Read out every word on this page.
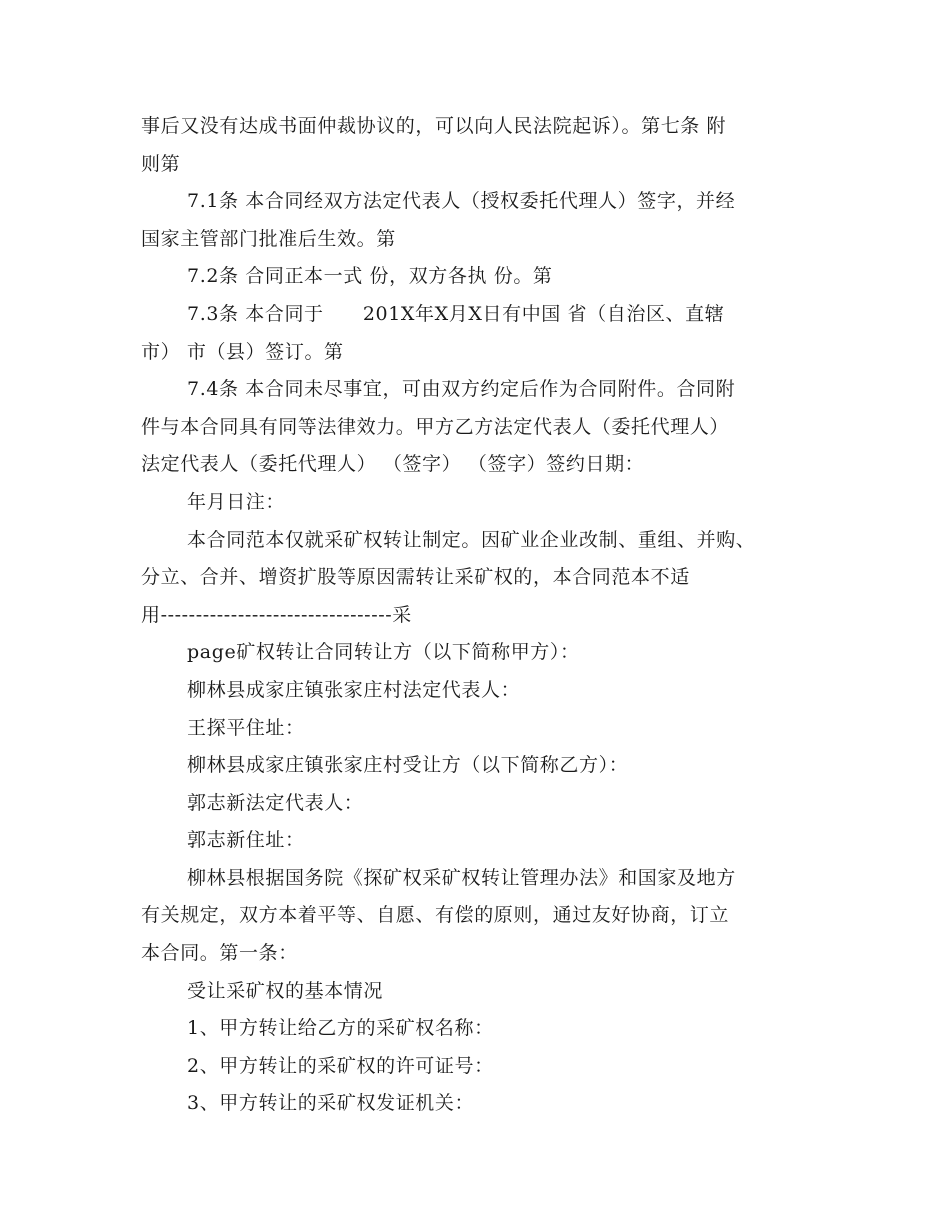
事后又没有达成书面仲裁协议的，可以向人民法院起诉）。第七条 附
则第
7.1条 本合同经双方法定代表人（授权委托代理人）签字，并经
国家主管部门批准后生效。第
7.2条 合同正本一式 份，双方各执 份。第
7.3条 本合同于　　201X年X月X日有中国 省（自治区、直辖
市） 市（县）签订。第
7.4条 本合同未尽事宜，可由双方约定后作为合同附件。合同附
件与本合同具有同等法律效力。甲方乙方法定代表人（委托代理人）
法定代表人（委托代理人） （签字） （签字）签约日期：
年月日注：
本合同范本仅就采矿权转让制定。因矿业企业改制、重组、并购、
分立、合并、增资扩股等原因需转让采矿权的，本合同范本不适
用---------------------------------采
page矿权转让合同转让方（以下简称甲方）：
柳林县成家庄镇张家庄村法定代表人：
王探平住址：
柳林县成家庄镇张家庄村受让方（以下简称乙方）：
郭志新法定代表人：
郭志新住址：
柳林县根据国务院《探矿权采矿权转让管理办法》和国家及地方
有关规定，双方本着平等、自愿、有偿的原则，通过友好协商，订立
本合同。第一条：
受让采矿权的基本情况
1、甲方转让给乙方的采矿权名称：
2、甲方转让的采矿权的许可证号：
3、甲方转让的采矿权发证机关：
